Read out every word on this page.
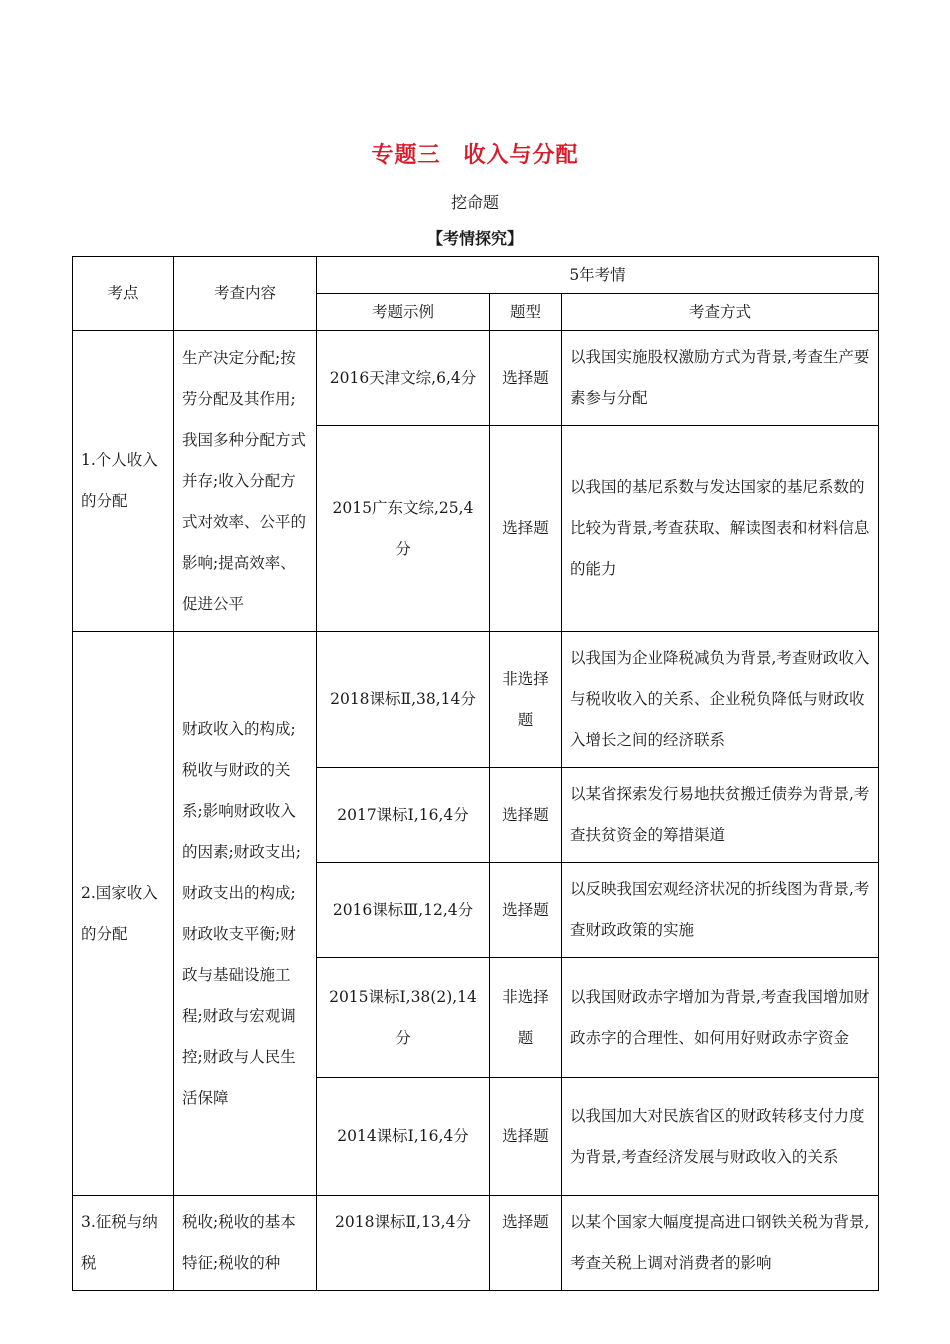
专题三　收入与分配
挖命题
【考情探究】
考点	考查内容	5年考情		
		考题示例	题型	考查方式
1.个人收入的分配	生产决定分配;按劳分配及其作用;我国多种分配方式并存;收入分配方式对效率、公平的影响;提高效率、促进公平	2016天津文综,6,4分	选择题	以我国实施股权激励方式为背景,考查生产要素参与分配
		2015广东文综,25,4分	选择题	以我国的基尼系数与发达国家的基尼系数的比较为背景,考查获取、解读图表和材料信息的能力
2.国家收入的分配	财政收入的构成;税收与财政的关系;影响财政收入的因素;财政支出;财政支出的构成;财政收支平衡;财政与基础设施工程;财政与宏观调控;财政与人民生活保障	2018课标Ⅱ,38,14分	非选择题	以我国为企业降税减负为背景,考查财政收入与税收收入的关系、企业税负降低与财政收入增长之间的经济联系
		2017课标Ⅰ,16,4分	选择题	以某省探索发行易地扶贫搬迁债券为背景,考查扶贫资金的筹措渠道
		2016课标Ⅲ,12,4分	选择题	以反映我国宏观经济状况的折线图为背景,考查财政政策的实施
		2015课标Ⅰ,38(2),14分	非选择题	以我国财政赤字增加为背景,考查我国增加财政赤字的合理性、如何用好财政赤字资金
		2014课标Ⅰ,16,4分	选择题	以我国加大对民族省区的财政转移支付力度为背景,考查经济发展与财政收入的关系
3.征税与纳税	税收;税收的基本特征;税收的种	2018课标Ⅱ,13,4分	选择题	以某个国家大幅度提高进口钢铁关税为背景,考查关税上调对消费者的影响
